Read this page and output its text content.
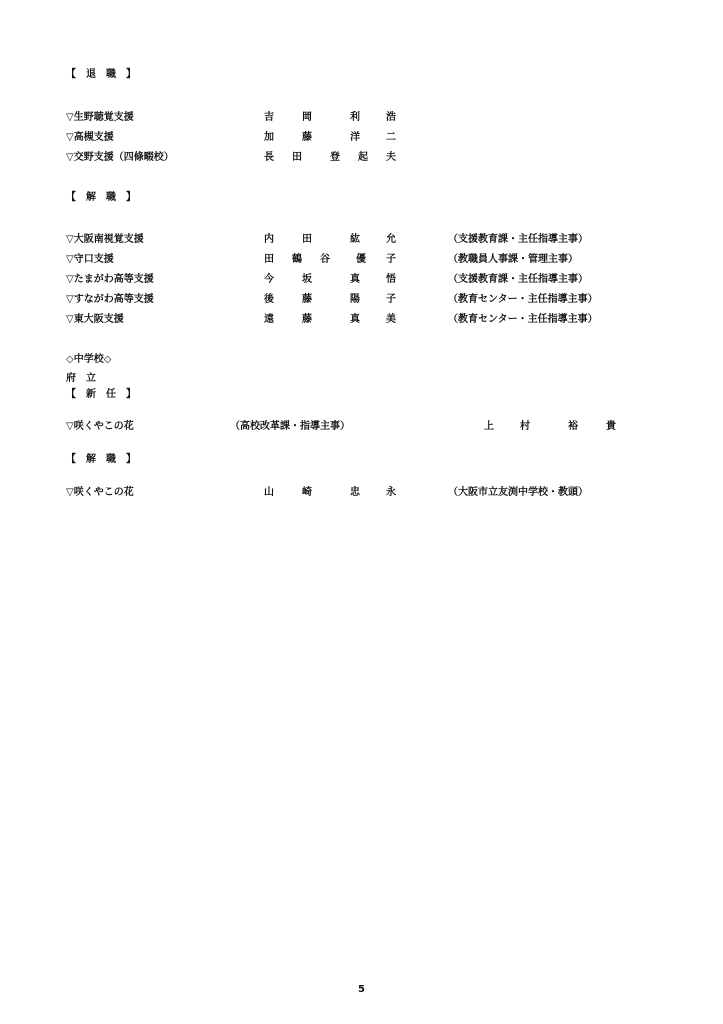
【　退　職　】
▽生野聴覚支援	吉	岡	利	浩
▽高槻支援	加	藤	洋	二
▽交野支援（四條畷校）	長 田	登 起 夫
【　解　職　】
▽大阪南視覚支援	内	田	紘	允	（支援教育課・主任指導主事）
▽守口支援	田 鶴 谷	優 子	（教職員人事課・管理主事）
▽たまがわ高等支援	今	坂	真	悟	（支援教育課・主任指導主事）
▽すながわ高等支援	後	藤	陽	子	（教育センター・主任指導主事）
▽東大阪支援	遠	藤	真	美	（教育センター・主任指導主事）
◇中学校◇
府　立
【　新　任　】
▽咲くやこの花	（高校改革課・指導主事）	上	村	裕	貴
【　解　職　】
▽咲くやこの花	山	崎	忠	永	（大阪市立友渕中学校・教頭）
5
